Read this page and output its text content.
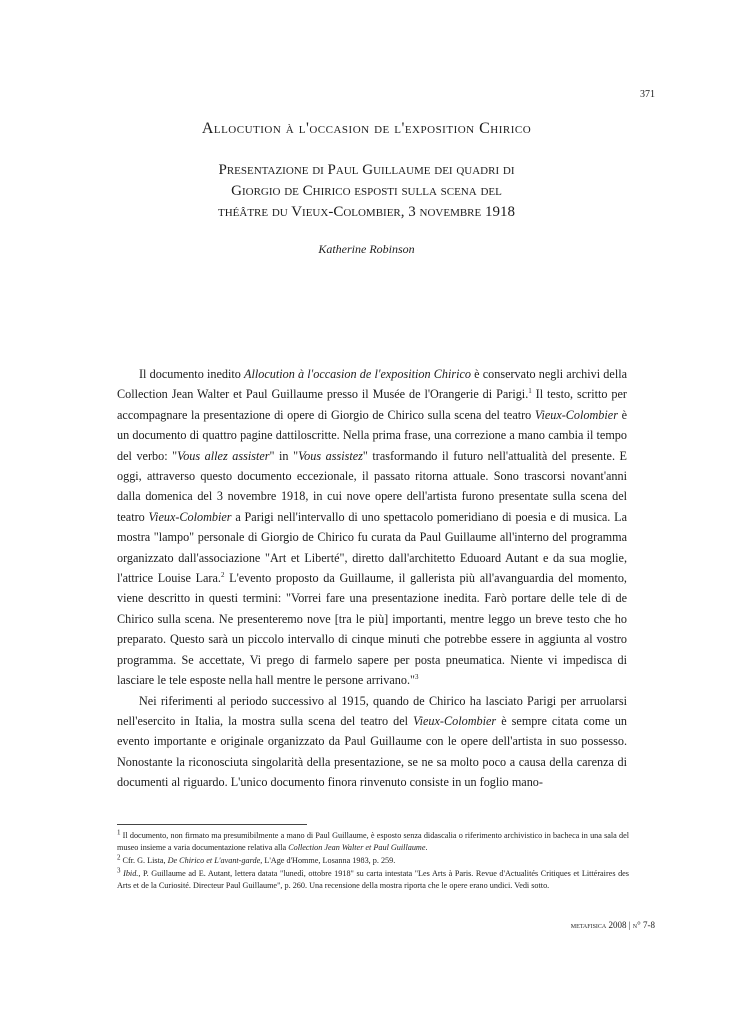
371
Allocution à l'occasion de l'exposition Chirico
Presentazione di Paul Guillaume dei quadri di
Giorgio de Chirico esposti sulla scena del
théâtre du Vieux-Colombier, 3 novembre 1918
Katherine Robinson

Il documento inedito Allocution à l'occasion de l'exposition Chirico è conservato negli archivi della Collection Jean Walter et Paul Guillaume presso il Musée de l'Orangerie di Parigi.$^1$ Il testo, scritto per accompagnare la presentazione di opere di Giorgio de Chirico sulla scena del teatro Vieux-Colombier è un documento di quattro pagine dattiloscritte. Nella prima frase, una correzione a mano cambia il tempo del verbo: "Vous allez assister" in "Vous assistez" trasformando il futuro nell'attualità del presente. E oggi, attraverso questo documento eccezionale, il passato ritorna attuale. Sono trascorsi novant'anni dalla domenica del 3 novembre 1918, in cui nove opere dell'artista furono presentate sulla scena del teatro Vieux-Colombier a Parigi nell'intervallo di uno spettacolo pomeridiano di poesia e di musica. La mostra "lampo" personale di Giorgio de Chirico fu curata da Paul Guillaume all'interno del programma organizzato dall'associazione "Art et Liberté", diretto dall'architetto Eduoard Autant e da sua moglie, l'attrice Louise Lara.$^2$ L'evento proposto da Guillaume, il gallerista più all'avanguardia del momento, viene descritto in questi termini: "Vorrei fare una presentazione inedita. Farò portare delle tele di de Chirico sulla scena. Ne presenteremo nove [tra le più] importanti, mentre leggo un breve testo che ho preparato. Questo sarà un piccolo intervallo di cinque minuti che potrebbe essere in aggiunta al vostro programma. Se accettate, Vi prego di farmelo sapere per posta pneumatica. Niente vi impedisca di lasciare le tele esposte nella hall mentre le persone arrivano."$^3$

Nei riferimenti al periodo successivo al 1915, quando de Chirico ha lasciato Parigi per arruolarsi nell'esercito in Italia, la mostra sulla scena del teatro del Vieux-Colombier è sempre citata come un evento importante e originale organizzato da Paul Guillaume con le opere dell'artista in suo possesso. Nonostante la riconosciuta singolarità della presentazione, se ne sa molto poco a causa della carenza di documenti al riguardo. L'unico documento finora rinvenuto consiste in un foglio mano-

$^1$ Il documento, non firmato ma presumibilmente a mano di Paul Guillaume, è esposto senza didascalia o riferimento archivistico in bacheca in una sala del museo insieme a varia documentazione relativa alla Collection Jean Walter et Paul Guillaume.

$^2$ Cfr. G. Lista, De Chirico et L'avant-garde, L'Age d'Homme, Losanna 1983, p. 259.

$^3$ Ibid., P. Guillaume ad E. Autant, lettera datata "lunedì, ottobre 1918" su carta intestata "Les Arts à Paris. Revue d'Actualités Critiques et Littéraires des Arts et de la Curiosité. Directeur Paul Guillaume", p. 260. Una recensione della mostra riporta che le opere erano undici. Vedi sotto.

metafisica 2008 | n° 7-8
